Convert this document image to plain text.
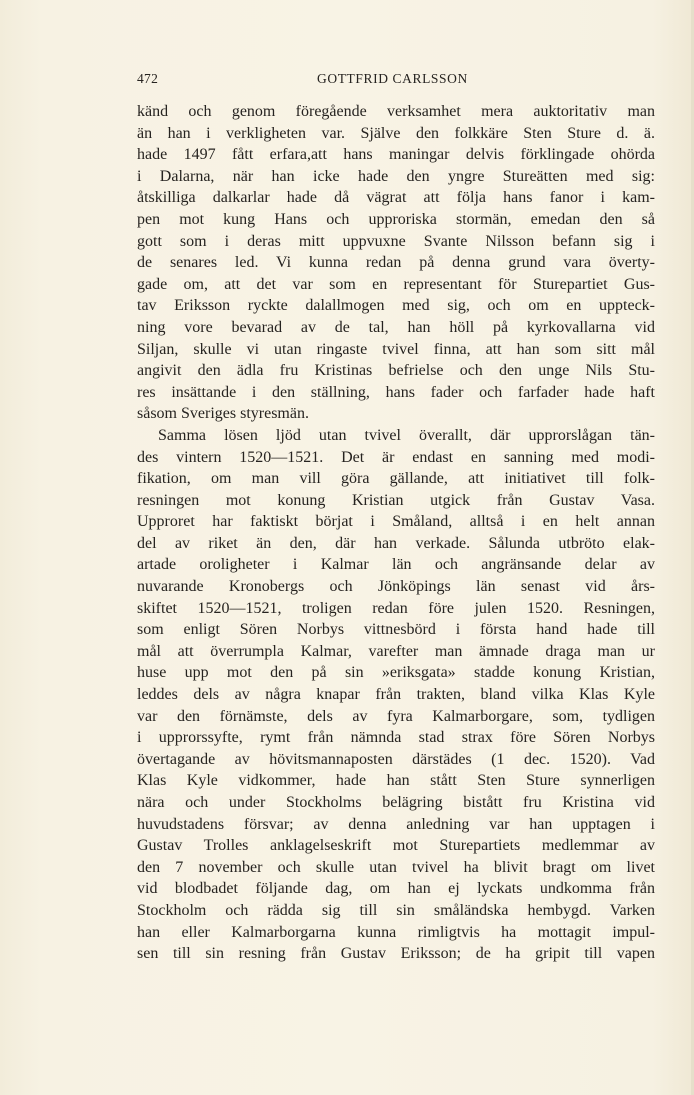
472	GOTTFRID CARLSSON
känd och genom föregående verksamhet mera auktoritativ man
än han i verkligheten var. Själve den folkkäre Sten Sture d. ä.
hade 1497 fått erfara,att hans maningar delvis förklingade ohörda
i Dalarna, när han icke hade den yngre Stureätten med sig:
åtskilliga dalkarlar hade då vägrat att följa hans fanor i kam-
pen mot kung Hans och upproriska stormän, emedan den så
gott som i deras mitt uppvuxne Svante Nilsson befann sig i
de senares led. Vi kunna redan på denna grund vara överty-
gade om, att det var som en representant för Sturepartiet Gus-
tav Eriksson ryckte dalallmogen med sig, och om en uppteck-
ning vore bevarad av de tal, han höll på kyrkovallarna vid
Siljan, skulle vi utan ringaste tvivel finna, att han som sitt mål
angivit den ädla fru Kristinas befrielse och den unge Nils Stu-
res insättande i den ställning, hans fader och farfader hade haft
såsom Sveriges styresmän.
Samma lösen ljöd utan tvivel överallt, där upprorslågan tän-
des vintern 1520—1521. Det är endast en sanning med modi-
fikation, om man vill göra gällande, att initiativet till folk-
resningen mot konung Kristian utgick från Gustav Vasa.
Upproret har faktiskt börjat i Småland, alltså i en helt annan
del av riket än den, där han verkade. Sålunda utbröto elak-
artade oroligheter i Kalmar län och angränsande delar av
nuvarande Kronobergs och Jönköpings län senast vid års-
skiftet 1520—1521, troligen redan före julen 1520. Resningen,
som enligt Sören Norbys vittnesbörd i första hand hade till
mål att överrumpla Kalmar, varefter man ämnade draga man ur
huse upp mot den på sin »eriksgata» stadde konung Kristian,
leddes dels av några knapar från trakten, bland vilka Klas Kyle
var den förnämste, dels av fyra Kalmarborgare, som, tydligen
i upprorssyfte, rymt från nämnda stad strax före Sören Norbys
övertagande av hövitsmannaposten därstädes (1 dec. 1520). Vad
Klas Kyle vidkommer, hade han stått Sten Sture synnerligen
nära och under Stockholms belägring bistått fru Kristina vid
huvudstadens försvar; av denna anledning var han upptagen i
Gustav Trolles anklagelseskrift mot Sturepartiets medlemmar av
den 7 november och skulle utan tvivel ha blivit bragt om livet
vid blodbadet följande dag, om han ej lyckats undkomma från
Stockholm och rädda sig till sin småländska hembygd. Varken
han eller Kalmarborgarna kunna rimligtvis ha mottagit impul-
sen till sin resning från Gustav Eriksson; de ha gripit till vapen
